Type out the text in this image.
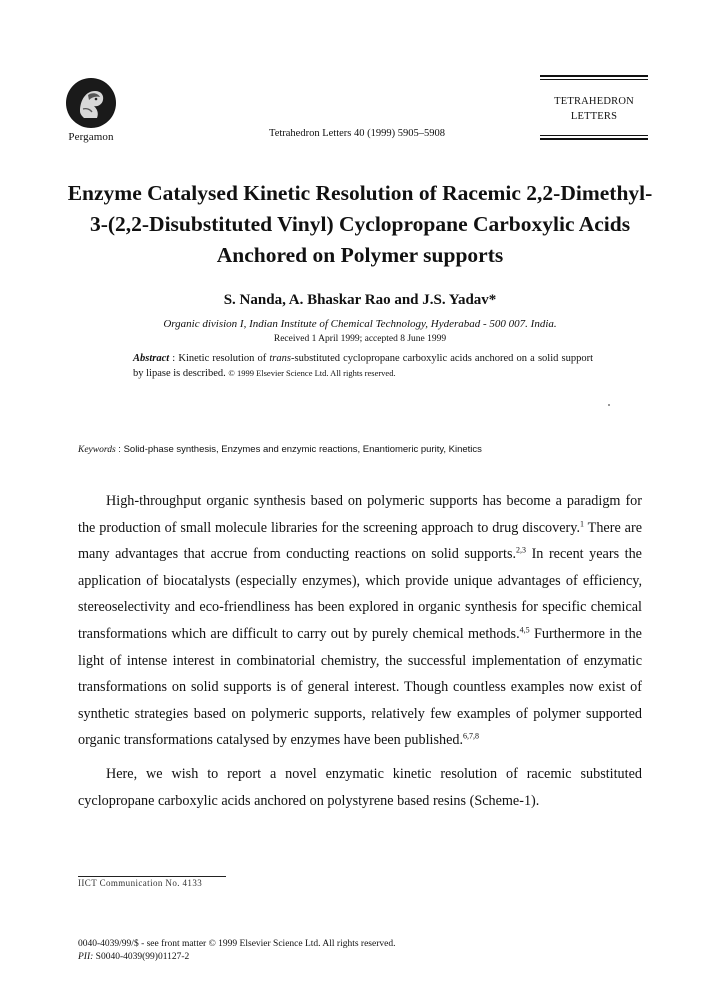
Pergamon	Tetrahedron Letters 40 (1999) 5905–5908
TETRAHEDRON
LETTERS
Enzyme Catalysed Kinetic Resolution of Racemic 2,2-Dimethyl-3-(2,2-Disubstituted Vinyl) Cyclopropane Carboxylic Acids Anchored on Polymer supports
S. Nanda, A. Bhaskar Rao and J.S. Yadav*
Organic division I, Indian Institute of Chemical Technology, Hyderabad - 500 007. India.
Received 1 April 1999; accepted 8 June 1999
Abstract : Kinetic resolution of trans-substituted cyclopropane carboxylic acids anchored on a solid support by lipase is described. © 1999 Elsevier Science Ltd. All rights reserved.
Keywords : Solid-phase synthesis, Enzymes and enzymic reactions, Enantiomeric purity, Kinetics

High-throughput organic synthesis based on polymeric supports has become a paradigm for the production of small molecule libraries for the screening approach to drug discovery.$^1$ There are many advantages that accrue from conducting reactions on solid supports.$^{2,3}$ In recent years the application of biocatalysts (especially enzymes), which provide unique advantages of efficiency, stereoselectivity and eco-friendliness has been explored in organic synthesis for specific chemical transformations which are difficult to carry out by purely chemical methods.$^{4,5}$ Furthermore in the light of intense interest in combinatorial chemistry, the successful implementation of enzymatic transformations on solid supports is of general interest. Though countless examples now exist of synthetic strategies based on polymeric supports, relatively few examples of polymer supported organic transformations catalysed by enzymes have been published.$^{6,7,8}$

Here, we wish to report a novel enzymatic kinetic resolution of racemic substituted cyclopropane carboxylic acids anchored on polystyrene based resins (Scheme-1).

IICT Communication No. 4133
0040-4039/99/$ - see front matter © 1999 Elsevier Science Ltd. All rights reserved.
PII: S0040-4039(99)01127-2
